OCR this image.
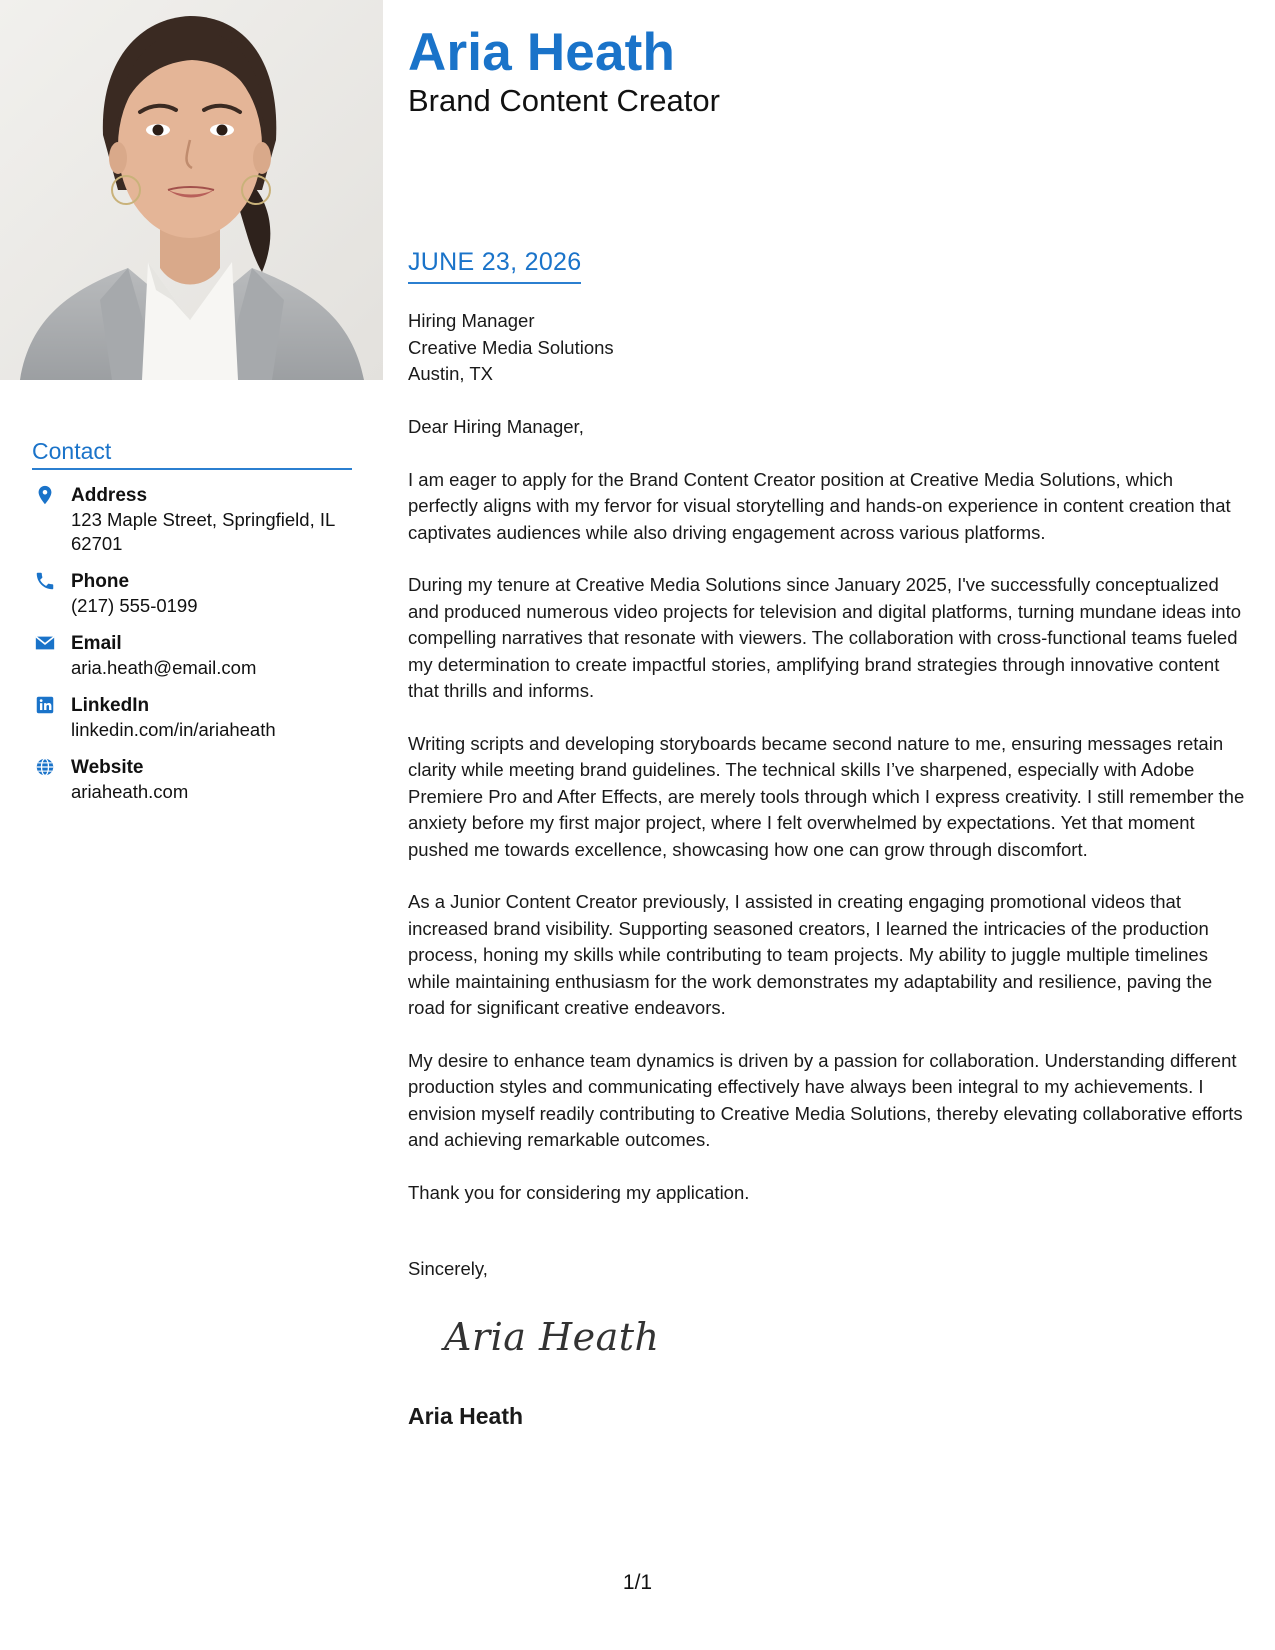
Contact
Address
123 Maple Street, Springfield, IL 62701
Phone
(217) 555-0199
Email
aria.heath@email.com
LinkedIn
linkedin.com/in/ariaheath
Website
ariaheath.com
Aria Heath
Brand Content Creator
JUNE 23, 2026
Hiring Manager
Creative Media Solutions
Austin, TX

Dear Hiring Manager,

I am eager to apply for the Brand Content Creator position at Creative Media Solutions, which perfectly aligns with my fervor for visual storytelling and hands-on experience in content creation that captivates audiences while also driving engagement across various platforms.

During my tenure at Creative Media Solutions since January 2025, I've successfully conceptualized and produced numerous video projects for television and digital platforms, turning mundane ideas into compelling narratives that resonate with viewers. The collaboration with cross-functional teams fueled my determination to create impactful stories, amplifying brand strategies through innovative content that thrills and informs.

Writing scripts and developing storyboards became second nature to me, ensuring messages retain clarity while meeting brand guidelines. The technical skills I’ve sharpened, especially with Adobe Premiere Pro and After Effects, are merely tools through which I express creativity. I still remember the anxiety before my first major project, where I felt overwhelmed by expectations. Yet that moment pushed me towards excellence, showcasing how one can grow through discomfort.

As a Junior Content Creator previously, I assisted in creating engaging promotional videos that increased brand visibility. Supporting seasoned creators, I learned the intricacies of the production process, honing my skills while contributing to team projects. My ability to juggle multiple timelines while maintaining enthusiasm for the work demonstrates my adaptability and resilience, paving the road for significant creative endeavors.

My desire to enhance team dynamics is driven by a passion for collaboration. Understanding different production styles and communicating effectively have always been integral to my achievements. I envision myself readily contributing to Creative Media Solutions, thereby elevating collaborative efforts and achieving remarkable outcomes.

Thank you for considering my application.

Sincerely,
Aria Heath
Aria Heath
1/1
